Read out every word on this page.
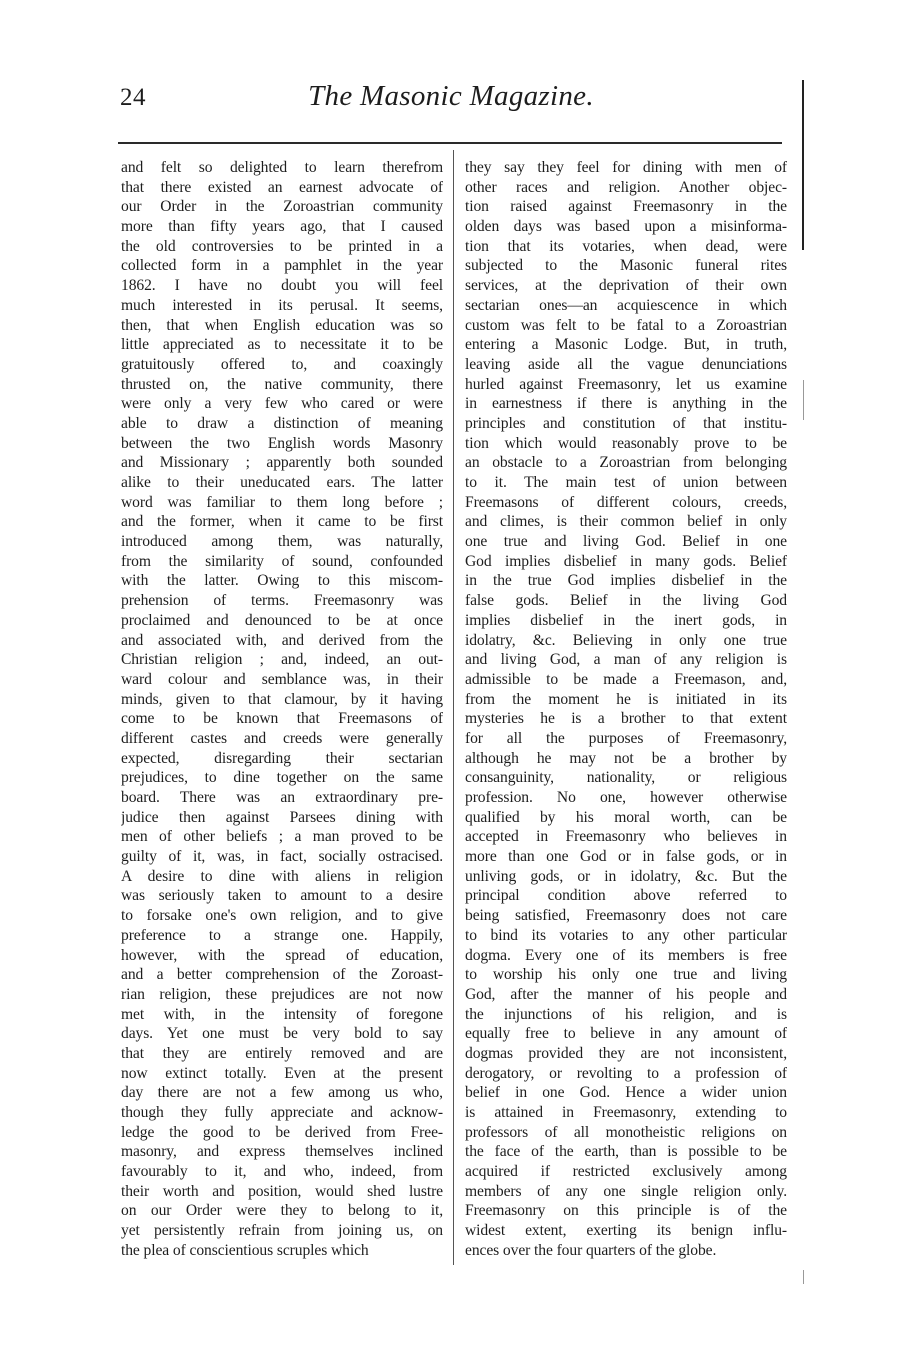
24	The Masonic Magazine.
and felt so delighted to learn therefrom
that there existed an earnest advocate of
our Order in the Zoroastrian community
more than fifty years ago, that I caused
the old controversies to be printed in a
collected form in a pamphlet in the year
1862. I have no doubt you will feel
much interested in its perusal. It seems,
then, that when English education was so
little appreciated as to necessitate it to be
gratuitously offered to, and coaxingly
thrusted on, the native community, there
were only a very few who cared or were
able to draw a distinction of meaning
between the two English words Masonry
and Missionary ; apparently both sounded
alike to their uneducated ears. The latter
word was familiar to them long before ;
and the former, when it came to be first
introduced among them, was naturally,
from the similarity of sound, confounded
with the latter. Owing to this miscom-
prehension of terms. Freemasonry was
proclaimed and denounced to be at once
and associated with, and derived from the
Christian religion ; and, indeed, an out-
ward colour and semblance was, in their
minds, given to that clamour, by it having
come to be known that Freemasons of
different castes and creeds were generally
expected, disregarding their sectarian
prejudices, to dine together on the same
board. There was an extraordinary pre-
judice then against Parsees dining with
men of other beliefs ; a man proved to be
guilty of it, was, in fact, socially ostracised.
A desire to dine with aliens in religion
was seriously taken to amount to a desire
to forsake one's own religion, and to give
preference to a strange one. Happily,
however, with the spread of education,
and a better comprehension of the Zoroast-
rian religion, these prejudices are not now
met with, in the intensity of foregone
days. Yet one must be very bold to say
that they are entirely removed and are
now extinct totally. Even at the present
day there are not a few among us who,
though they fully appreciate and acknow-
ledge the good to be derived from Free-
masonry, and express themselves inclined
favourably to it, and who, indeed, from
their worth and position, would shed lustre
on our Order were they to belong to it,
yet persistently refrain from joining us, on
the plea of conscientious scruples which
they say they feel for dining with men of
other races and religion. Another objec-
tion raised against Freemasonry in the
olden days was based upon a misinforma-
tion that its votaries, when dead, were
subjected to the Masonic funeral rites
services, at the deprivation of their own
sectarian ones—an acquiescence in which
custom was felt to be fatal to a Zoroastrian
entering a Masonic Lodge. But, in truth,
leaving aside all the vague denunciations
hurled against Freemasonry, let us examine
in earnestness if there is anything in the
principles and constitution of that institu-
tion which would reasonably prove to be
an obstacle to a Zoroastrian from belonging
to it. The main test of union between
Freemasons of different colours, creeds,
and climes, is their common belief in only
one true and living God. Belief in one
God implies disbelief in many gods. Belief
in the true God implies disbelief in the
false gods. Belief in the living God
implies disbelief in the inert gods, in
idolatry, &c. Believing in only one true
and living God, a man of any religion is
admissible to be made a Freemason, and,
from the moment he is initiated in its
mysteries he is a brother to that extent
for all the purposes of Freemasonry,
although he may not be a brother by
consanguinity, nationality, or religious
profession. No one, however otherwise
qualified by his moral worth, can be
accepted in Freemasonry who believes in
more than one God or in false gods, or in
unliving gods, or in idolatry, &c. But the
principal condition above referred to
being satisfied, Freemasonry does not care
to bind its votaries to any other particular
dogma. Every one of its members is free
to worship his only one true and living
God, after the manner of his people and
the injunctions of his religion, and is
equally free to believe in any amount of
dogmas provided they are not inconsistent,
derogatory, or revolting to a profession of
belief in one God. Hence a wider union
is attained in Freemasonry, extending to
professors of all monotheistic religions on
the face of the earth, than is possible to be
acquired if restricted exclusively among
members of any one single religion only.
Freemasonry on this principle is of the
widest extent, exerting its benign influ-
ences over the four quarters of the globe.
